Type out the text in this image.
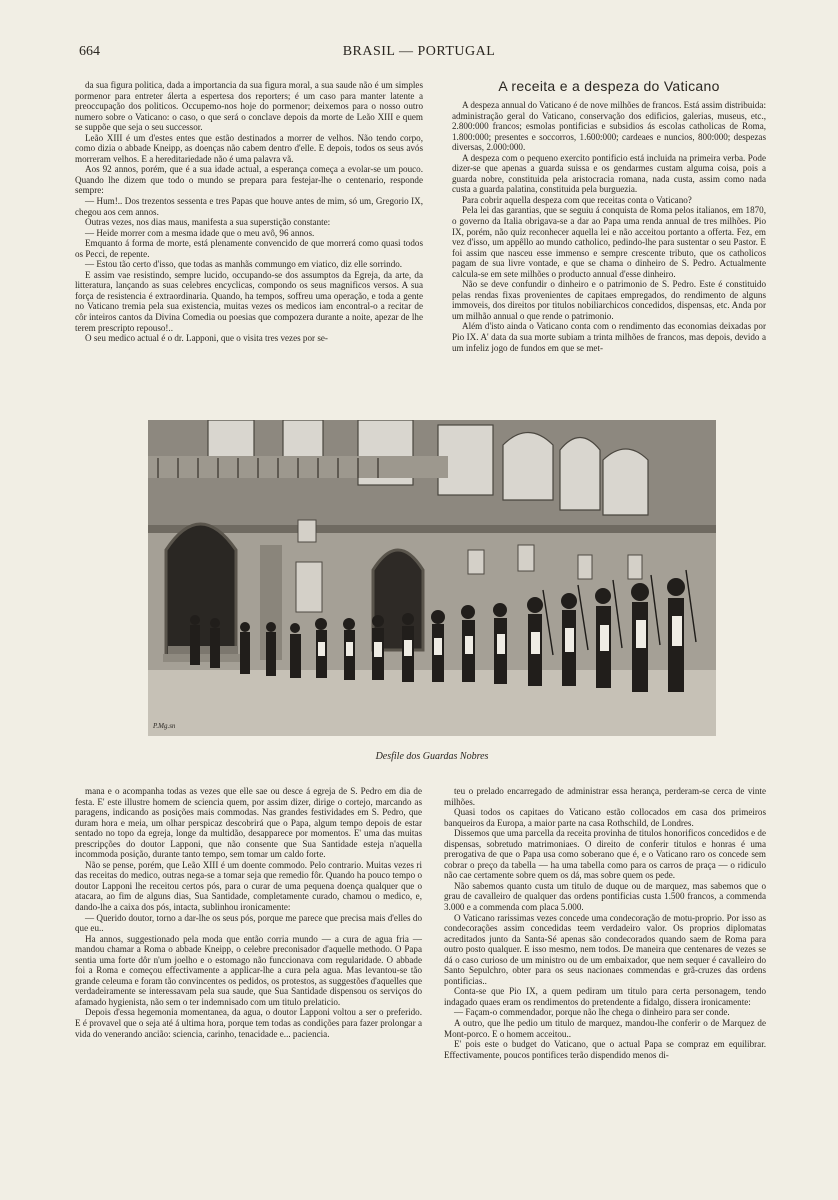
664	BRASIL — PORTUGAL

da sua figura politica, dada a importancia da sua figura moral, a sua saude não é um simples pormenor para entreter álerta a espertesa dos reporters; é um caso para manter latente a preoccupação dos politicos. Occupemo-nos hoje do pormenor; deixemos para o nosso outro numero sobre o Vaticano: o caso, o que será o conclave depois da morte de Leão XIII e quem se suppõe que seja o seu successor.

Leão XIII é um d'estes entes que estão destinados a morrer de velhos. Não tendo corpo, como dizia o abbade Kneipp, as doenças não cabem dentro d'elle. E depois, todos os seus avós morreram velhos. E a hereditariedade não é uma palavra vã.

Aos 92 annos, porém, que é a sua idade actual, a esperança começa a evolar-se um pouco. Quando lhe dizem que todo o mundo se prepara para festejar-lhe o centenario, responde sempre:

— Hum!.. Dos trezentos sessenta e tres Papas que houve antes de mim, só um, Gregorio IX, chegou aos cem annos.

Outras vezes, nos dias maus, manifesta a sua superstição constante:

— Heide morrer com a mesma idade que o meu avô, 96 annos.

Emquanto á forma de morte, está plenamente convencido de que morrerá como quasi todos os Pecci, de repente.

— Estou tão certo d'isso, que todas as manhãs commungo em viatico, diz elle sorrindo.

E assim vae resistindo, sempre lucido, occupando-se dos assumptos da Egreja, da arte, da litteratura, lançando as suas celebres encyclicas, compondo os seus magnificos versos. A sua força de resistencia é extraordinaria. Quando, ha tempos, soffreu uma operação, e toda a gente no Vaticano tremia pela sua existencia, muitas vezes os medicos iam encontral-o a recitar de côr inteiros cantos da Divina Comedia ou poesias que compozera durante a noite, apezar de lhe terem prescripto repouso!..

O seu medico actual é o dr. Lapponi, que o visita tres vezes por se-

A receita e a despeza do Vaticano

A despeza annual do Vaticano é de nove milhões de francos. Está assim distribuida: administração geral do Vaticano, conservação dos edificios, galerias, museus, etc., 2.800:000 francos; esmolas pontificias e subsidios ás escolas catholicas de Roma, 1.800:000; presentes e soccorros, 1.600:000; cardeaes e nuncios, 800:000; despezas diversas, 2.000:000.

A despeza com o pequeno exercito pontificio está incluida na primeira verba. Pode dizer-se que apenas a guarda suissa e os gendarmes custam alguma coisa, pois a guarda nobre, constituida pela aristocracia romana, nada custa, assim como nada custa a guarda palatina, constituida pela burguezia.

Para cobrir aquella despeza com que receitas conta o Vaticano?

Pela lei das garantias, que se seguiu á conquista de Roma pelos italianos, em 1870, o governo da Italia obrigava-se a dar ao Papa uma renda annual de tres milhões. Pio IX, porém, não quiz reconhecer aquella lei e não acceitou portanto a offerta. Fez, em vez d'isso, um appêllo ao mundo catholico, pedindo-lhe para sustentar o seu Pastor. E foi assim que nasceu esse immenso e sempre crescente tributo, que os catholicos pagam de sua livre vontade, e que se chama o dinheiro de S. Pedro. Actualmente calcula-se em sete milhões o producto annual d'esse dinheiro.

Não se deve confundir o dinheiro e o patrimonio de S. Pedro. Este é constituido pelas rendas fixas provenientes de capitaes empregados, do rendimento de alguns immoveis, dos direitos por titulos nobiliarchicos concedidos, dispensas, etc. Anda por um milhão annual o que rende o patrimonio.

Além d'isto ainda o Vaticano conta com o rendimento das economias deixadas por Pio IX. A' data da sua morte subiam a trinta milhões de francos, mas depois, devido a um infeliz jogo de fundos em que se met-

P.Mg.sn
Desfile dos Guardas Nobres

mana e o acompanha todas as vezes que elle sae ou desce á egreja de S. Pedro em dia de festa. E' este illustre homem de sciencia quem, por assim dizer, dirige o cortejo, marcando as paragens, indicando as posições mais commodas. Nas grandes festividades em S. Pedro, que duram hora e meia, um olhar perspicaz descobrirá que o Papa, algum tempo depois de estar sentado no topo da egreja, longe da multidão, desapparece por momentos. E' uma das muitas prescripções do doutor Lapponi, que não consente que Sua Santidade esteja n'aquella incommoda posição, durante tanto tempo, sem tomar um caldo forte.

Não se pense, porém, que Leão XIII é um doente commodo. Pelo contrario. Muitas vezes ri das receitas do medico, outras nega-se a tomar seja que remedio fôr. Quando ha pouco tempo o doutor Lapponi lhe receitou certos pós, para o curar de uma pequena doença qualquer que o atacara, ao fim de alguns dias, Sua Santidade, completamente curado, chamou o medico, e, dando-lhe a caixa dos pós, intacta, sublinhou ironicamente:

— Querido doutor, torno a dar-lhe os seus pós, porque me parece que precisa mais d'elles do que eu..

Ha annos, suggestionado pela moda que então corria mundo — a cura de agua fria — mandou chamar a Roma o abbade Kneipp, o celebre preconisador d'aquelle methodo. O Papa sentia uma forte dôr n'um joelho e o estomago não funccionava com regularidade. O abbade foi a Roma e começou effectivamente a applicar-lhe a cura pela agua. Mas levantou-se tão grande celeuma e foram tão convincentes os pedidos, os protestos, as suggestões d'aquelles que verdadeiramente se interessavam pela sua saude, que Sua Santidade dispensou os serviços do afamado hygienista, não sem o ter indemnisado com um titulo prelaticio.

Depois d'essa hegemonia momentanea, da agua, o doutor Lapponi voltou a ser o preferido. E é provavel que o seja até á ultima hora, porque tem todas as condições para fazer prolongar a vida do venerando ancião: sciencia, carinho, tenacidade e... paciencia.

teu o prelado encarregado de administrar essa herança, perderam-se cerca de vinte milhões.

Quasi todos os capitaes do Vaticano estão collocados em casa dos primeiros banqueiros da Europa, a maior parte na casa Rothschild, de Londres.

Dissemos que uma parcella da receita provinha de titulos honorificos concedidos e de dispensas, sobretudo matrimoniaes. O direito de conferir titulos e honras é uma prerogativa de que o Papa usa como soberano que é, e o Vaticano raro os concede sem cobrar o preço da tabella — ha uma tabella como para os carros de praça — o ridiculo não cae certamente sobre quem os dá, mas sobre quem os pede.

Não sabemos quanto custa um titulo de duque ou de marquez, mas sabemos que o grau de cavalleiro de qualquer das ordens pontificias custa 1.500 francos, a commenda 3.000 e a commenda com placa 5.000.

O Vaticano rarissimas vezes concede uma condecoração de motu-proprio. Por isso as condecorações assim concedidas teem verdadeiro valor. Os proprios diplomatas acreditados junto da Santa-Sé apenas são condecorados quando saem de Roma para outro posto qualquer. E isso mesmo, nem todos. De maneira que centenares de vezes se dá o caso curioso de um ministro ou de um embaixador, que nem sequer é cavalleiro do Santo Sepulchro, obter para os seus nacionaes commendas e grã-cruzes das ordens pontificias..

Conta-se que Pio IX, a quem pediram um titulo para certa personagem, tendo indagado quaes eram os rendimentos do pretendente a fidalgo, dissera ironicamente:

— Façam-o commendador, porque não lhe chega o dinheiro para ser conde.

A outro, que lhe pedio um titulo de marquez, mandou-lhe conferir o de Marquez de Mont-porco. E o homem acceitou..

E' pois este o budget do Vaticano, que o actual Papa se compraz em equilibrar. Effectivamente, poucos pontifices terão dispendido menos di-
